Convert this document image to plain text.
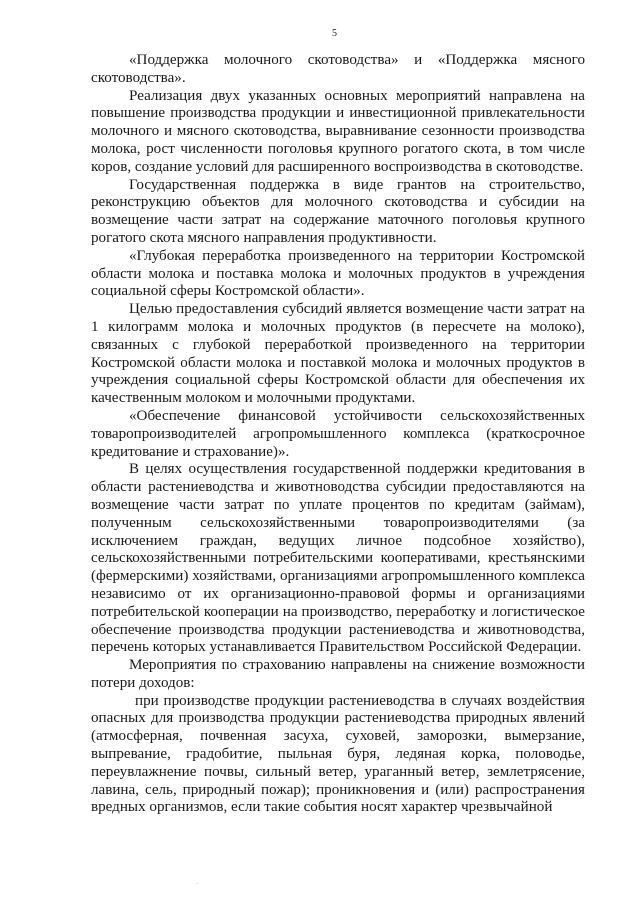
5

«Поддержка молочного скотоводства» и «Поддержка мясного скотоводства».

Реализация двух указанных основных мероприятий направлена на повышение производства продукции и инвестиционной привлекательности молочного и мясного скотоводства, выравнивание сезонности производства молока, рост численности поголовья крупного рогатого скота, в том числе коров, создание условий для расширенного воспроизводства в скотоводстве.

Государственная поддержка в виде грантов на строительство, реконструкцию объектов для молочного скотоводства и субсидии на возмещение части затрат на содержание маточного поголовья крупного рогатого скота мясного направления продуктивности.

«Глубокая переработка произведенного на территории Костромской области молока и поставка молока и молочных продуктов в учреждения социальной сферы Костромской области».

Целью предоставления субсидий является возмещение части затрат на 1 килограмм молока и молочных продуктов (в пересчете на молоко), связанных с глубокой переработкой произведенного на территории Костромской области молока и поставкой молока и молочных продуктов в учреждения социальной сферы Костромской области для обеспечения их качественным молоком и молочными продуктами.

«Обеспечение финансовой устойчивости сельскохозяйственных товаропроизводителей агропромышленного комплекса (краткосрочное кредитование и страхование)».

В целях осуществления государственной поддержки кредитования в области растениеводства и животноводства субсидии предоставляются на возмещение части затрат по уплате процентов по кредитам (займам), полученным сельскохозяйственными товаропроизводителями (за исключением граждан, ведущих личное подсобное хозяйство), сельскохозяйственными потребительскими кооперативами, крестьянскими (фермерскими) хозяйствами, организациями агропромышленного комплекса независимо от их организационно-правовой формы и организациями потребительской кооперации на производство, переработку и логистическое обеспечение производства продукции растениеводства и животноводства, перечень которых устанавливается Правительством Российской Федерации.

Мероприятия по страхованию направлены на снижение возможности потери доходов:

при производстве продукции растениеводства в случаях воздействия опасных для производства продукции растениеводства природных явлений (атмосферная, почвенная засуха, суховей, заморозки, вымерзание, выпревание, градобитие, пыльная буря, ледяная корка, половодье, переувлажнение почвы, сильный ветер, ураганный ветер, землетрясение, лавина, сель, природный пожар); проникновения и (или) распространения вредных организмов, если такие события носят характер чрезвычайной

·
